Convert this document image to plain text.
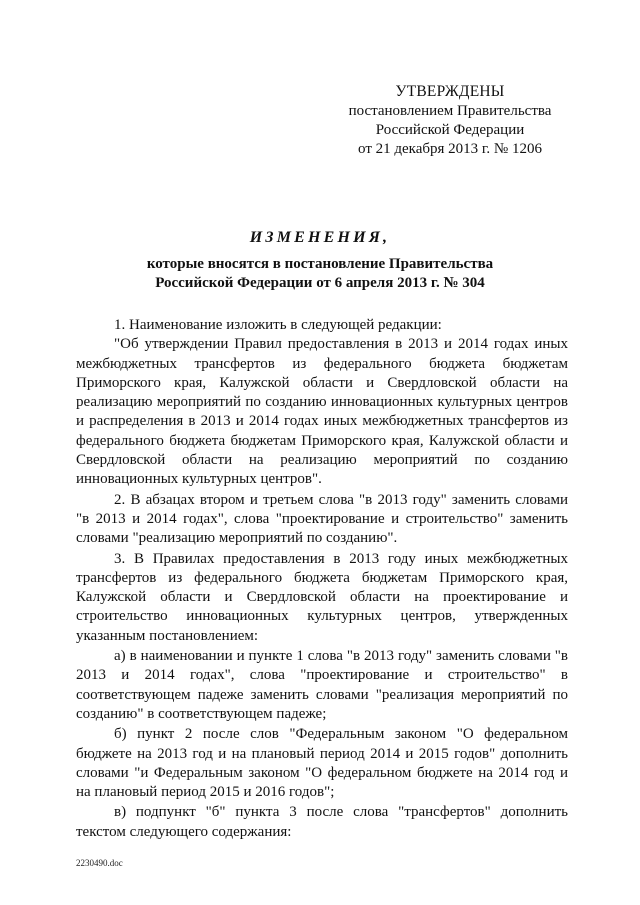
УТВЕРЖДЕНЫ
постановлением Правительства
Российской Федерации
от 21 декабря 2013 г. № 1206
ИЗМЕНЕНИЯ,
которые вносятся в постановление Правительства
Российской Федерации от 6 апреля 2013 г. № 304
1. Наименование изложить в следующей редакции:
"Об утверждении Правил предоставления в 2013 и 2014 годах иных межбюджетных трансфертов из федерального бюджета бюджетам Приморского края, Калужской области и Свердловской области на реализацию мероприятий по созданию инновационных культурных центров и распределения в 2013 и 2014 годах иных межбюджетных трансфертов из федерального бюджета бюджетам Приморского края, Калужской области и Свердловской области на реализацию мероприятий по созданию инновационных культурных центров".
2. В абзацах втором и третьем слова "в 2013 году" заменить словами "в 2013 и 2014 годах", слова "проектирование и строительство" заменить словами "реализацию мероприятий по созданию".
3. В Правилах предоставления в 2013 году иных межбюджетных трансфертов из федерального бюджета бюджетам Приморского края, Калужской области и Свердловской области на проектирование и строительство инновационных культурных центров, утвержденных указанным постановлением:
а) в наименовании и пункте 1 слова "в 2013 году" заменить словами "в 2013 и 2014 годах", слова "проектирование и строительство" в соответствующем падеже заменить словами "реализация мероприятий по созданию" в соответствующем падеже;
б) пункт 2 после слов "Федеральным законом "О федеральном бюджете на 2013 год и на плановый период 2014 и 2015 годов" дополнить словами "и Федеральным законом "О федеральном бюджете на 2014 год и на плановый период 2015 и 2016 годов";
в) подпункт "б" пункта 3 после слова "трансфертов" дополнить текстом следующего содержания:
2230490.doc
